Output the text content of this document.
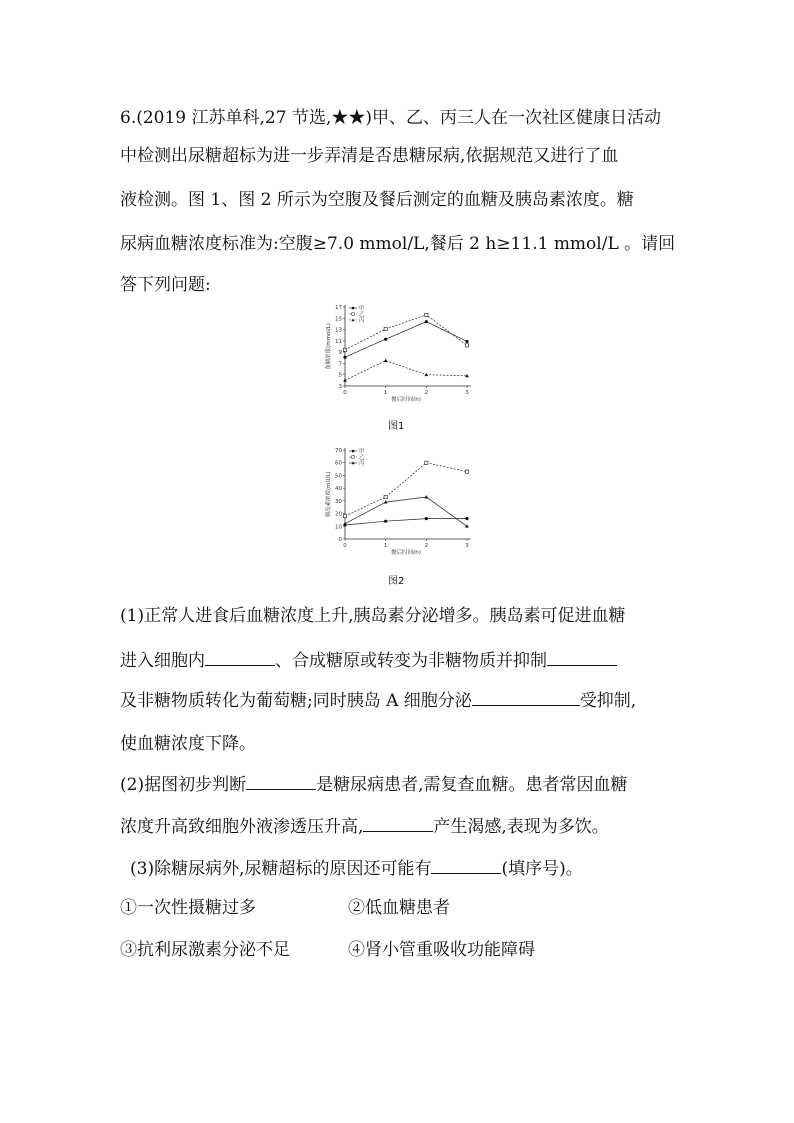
6.(2019 江苏单科,27 节选,★★)甲、乙、丙三人在一次社区健康日活动
中检测出尿糖超标为进一步弄清是否患糖尿病,依据规范又进行了血
液检测。图 1、图 2 所示为空腹及餐后测定的血糖及胰岛素浓度。糖
尿病血糖浓度标准为:空腹≥7.0 mmol/L,餐后 2 h≥11.1 mmol/L 。请回
答下列问题:
3
5
7
9
11
13
15
17
0	1	2	3
餐后时间(h)
血糖浓度(mmol/L)
甲
乙
丙
图1
0
10
20
30
40
50
60
70
0	1	2	3
餐后时间(h)
胰岛素浓度(mU/L)
甲
乙
丙
图2
(1)正常人进食后血糖浓度上升,胰岛素分泌增多。胰岛素可促进血糖
进入细胞内	、合成糖原或转变为非糖物质并抑制
及非糖物质转化为葡萄糖;同时胰岛 A 细胞分泌	受抑制,
使血糖浓度下降。
(2)据图初步判断	是糖尿病患者,需复查血糖。患者常因血糖
浓度升高致细胞外液渗透压升高,	产生渴感,表现为多饮。
(3)除糖尿病外,尿糖超标的原因还可能有	(填序号)。
①一次性摄糖过多	②低血糖患者
③抗利尿激素分泌不足	④肾小管重吸收功能障碍
